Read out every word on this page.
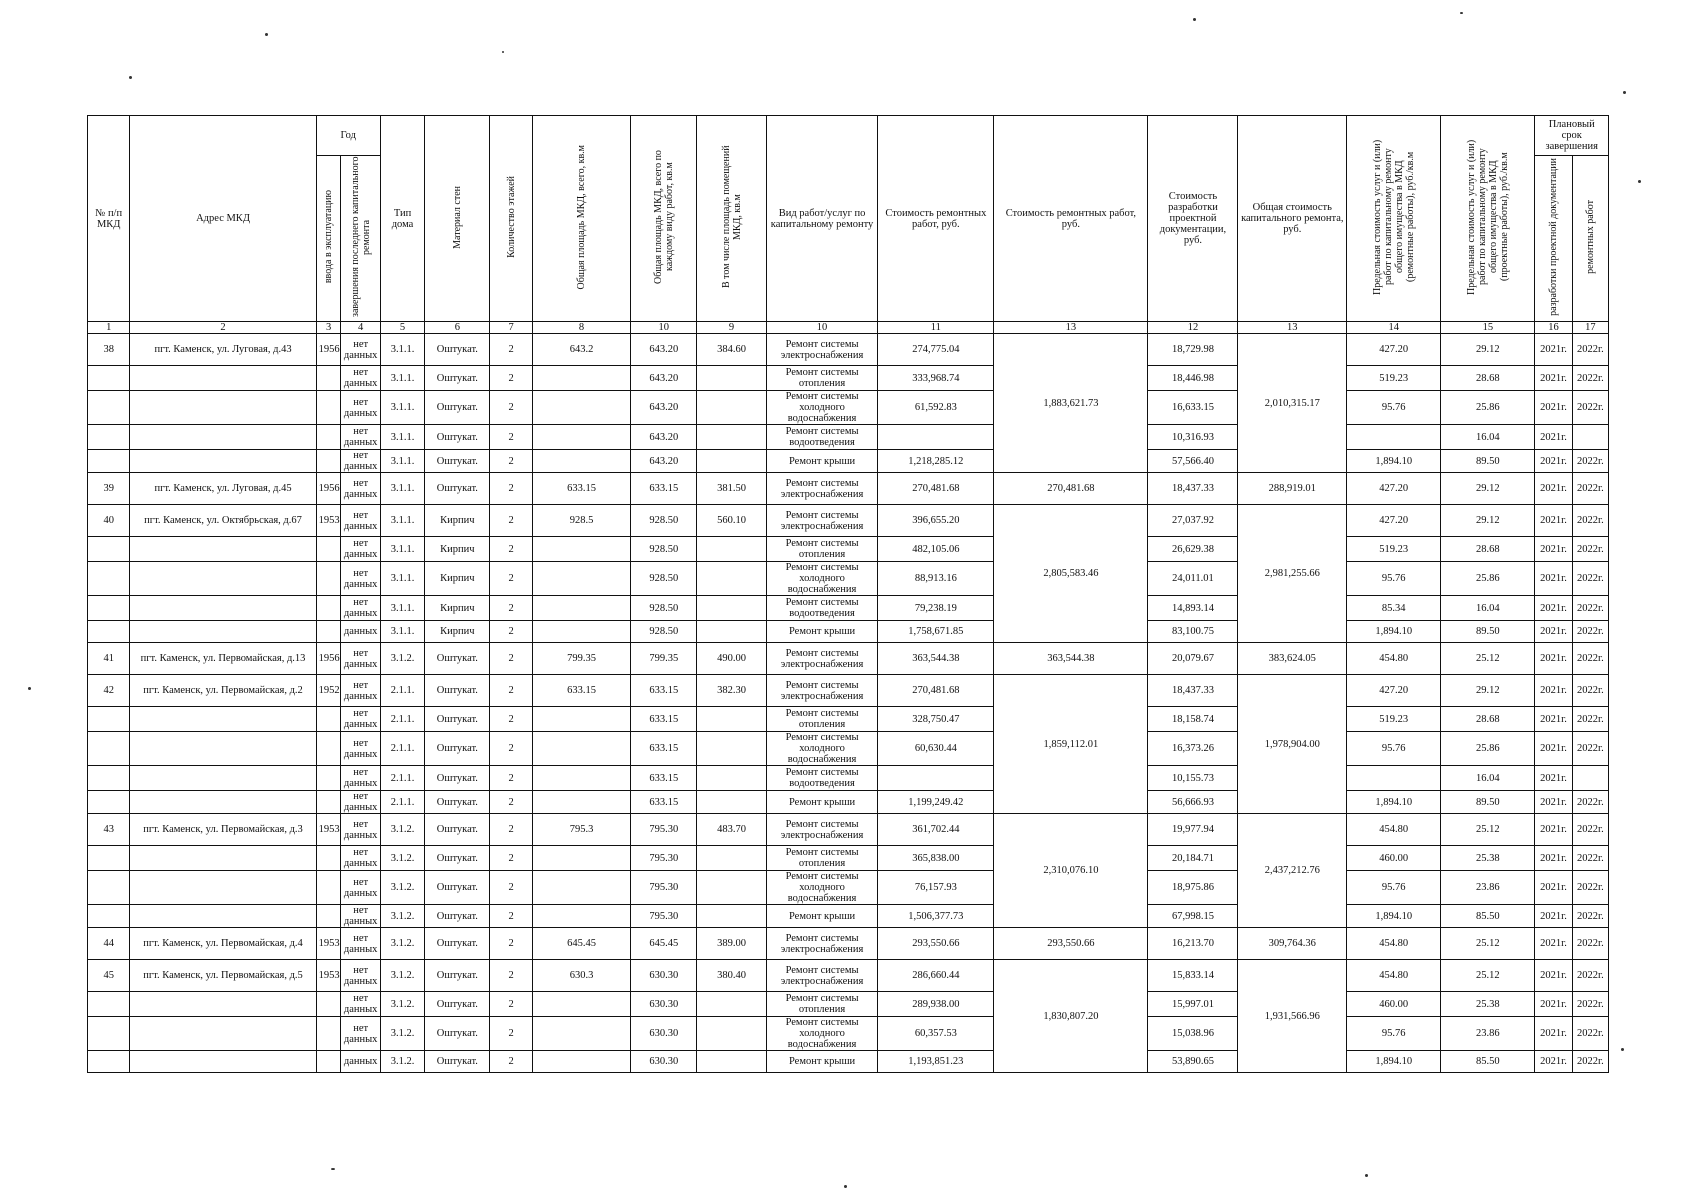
№ п/п МКД	Адрес МКД	Год		Тип дома	Материал стен	Количество этажей	Общая площадь МКД, всего, кв.м	Общая площадь МКД, всего по каждому виду работ, кв.м	В том числе площадь помещений МКД, кв.м	Вид работ/услуг по капитальному ремонту	Стоимость ремонтных работ, руб.	Стоимость ремонтных работ, руб.	Стоимость разработки проектной документации, руб.	Общая стоимость капитального ремонта, руб.	Предельная стоимость услуг и (или) работ по капитальному ремонту общего имущества в МКД (ремонтные работы), руб./кв.м	Предельная стоимость услуг и (или) работ по капитальному ремонту общего имущества в МКД (проектные работы), руб./кв.м	Плановый срок завершения	
		ввода в эксплуатацию	завершения последнего капитального ремонта														разработки проектной документации	ремонтных работ
1	2	3	4	5	6	7	8	10	9	10	11	13	12	13	14	15	16	17
38	пгт. Каменск, ул. Луговая, д.43	1956	нет данных	3.1.1.	Оштукат.	2	643.2	643.20	384.60	Ремонт системы электроснабжения	274,775.04	1,883,621.73	18,729.98	2,010,315.17	427.20	29.12	2021г.	2022г.
			нет данных	3.1.1.	Оштукат.	2		643.20		Ремонт системы отопления	333,968.74		18,446.98		519.23	28.68	2021г.	2022г.
			нет данных	3.1.1.	Оштукат.	2		643.20		Ремонт системы холодного водоснабжения	61,592.83		16,633.15		95.76	25.86	2021г.	2022г.
			нет данных	3.1.1.	Оштукат.	2		643.20		Ремонт системы водоотведения			10,316.93			16.04	2021г.	
			нет данных	3.1.1.	Оштукат.	2		643.20		Ремонт крыши	1,218,285.12		57,566.40		1,894.10	89.50	2021г.	2022г.
39	пгт. Каменск, ул. Луговая, д.45	1956	нет данных	3.1.1.	Оштукат.	2	633.15	633.15	381.50	Ремонт системы электроснабжения	270,481.68	270,481.68	18,437.33	288,919.01	427.20	29.12	2021г.	2022г.
40	пгт. Каменск, ул. Октябрьская, д.67	1953	нет данных	3.1.1.	Кирпич	2	928.5	928.50	560.10	Ремонт системы электроснабжения	396,655.20	2,805,583.46	27,037.92	2,981,255.66	427.20	29.12	2021г.	2022г.
			нет данных	3.1.1.	Кирпич	2		928.50		Ремонт системы отопления	482,105.06		26,629.38		519.23	28.68	2021г.	2022г.
			нет данных	3.1.1.	Кирпич	2		928.50		Ремонт системы холодного водоснабжения	88,913.16		24,011.01		95.76	25.86	2021г.	2022г.
			нет данных	3.1.1.	Кирпич	2		928.50		Ремонт системы водоотведения	79,238.19		14,893.14		85.34	16.04	2021г.	2022г.
			данных	3.1.1.	Кирпич	2		928.50		Ремонт крыши	1,758,671.85		83,100.75		1,894.10	89.50	2021г.	2022г.
41	пгт. Каменск, ул. Первомайская, д.13	1956	нет данных	3.1.2.	Оштукат.	2	799.35	799.35	490.00	Ремонт системы электроснабжения	363,544.38	363,544.38	20,079.67	383,624.05	454.80	25.12	2021г.	2022г.
42	пгт. Каменск, ул. Первомайская, д.2	1952	нет данных	2.1.1.	Оштукат.	2	633.15	633.15	382.30	Ремонт системы электроснабжения	270,481.68	1,859,112.01	18,437.33	1,978,904.00	427.20	29.12	2021г.	2022г.
			нет данных	2.1.1.	Оштукат.	2		633.15		Ремонт системы отопления	328,750.47		18,158.74		519.23	28.68	2021г.	2022г.
			нет данных	2.1.1.	Оштукат.	2		633.15		Ремонт системы холодного водоснабжения	60,630.44		16,373.26		95.76	25.86	2021г.	2022г.
			нет данных	2.1.1.	Оштукат.	2		633.15		Ремонт системы водоотведения			10,155.73			16.04	2021г.	
			нет данных	2.1.1.	Оштукат.	2		633.15		Ремонт крыши	1,199,249.42		56,666.93		1,894.10	89.50	2021г.	2022г.
43	пгт. Каменск, ул. Первомайская, д.3	1953	нет данных	3.1.2.	Оштукат.	2	795.3	795.30	483.70	Ремонт системы электроснабжения	361,702.44	2,310,076.10	19,977.94	2,437,212.76	454.80	25.12	2021г.	2022г.
			нет данных	3.1.2.	Оштукат.	2		795.30		Ремонт системы отопления	365,838.00		20,184.71		460.00	25.38	2021г.	2022г.
			нет данных	3.1.2.	Оштукат.	2		795.30		Ремонт системы холодного водоснабжения	76,157.93		18,975.86		95.76	23.86	2021г.	2022г.
			нет данных	3.1.2.	Оштукат.	2		795.30		Ремонт крыши	1,506,377.73		67,998.15		1,894.10	85.50	2021г.	2022г.
44	пгт. Каменск, ул. Первомайская, д.4	1953	нет данных	3.1.2.	Оштукат.	2	645.45	645.45	389.00	Ремонт системы электроснабжения	293,550.66	293,550.66	16,213.70	309,764.36	454.80	25.12	2021г.	2022г.
45	пгт. Каменск, ул. Первомайская, д.5	1953	нет данных	3.1.2.	Оштукат.	2	630.3	630.30	380.40	Ремонт системы электроснабжения	286,660.44	1,830,807.20	15,833.14	1,931,566.96	454.80	25.12	2021г.	2022г.
			нет данных	3.1.2.	Оштукат.	2		630.30		Ремонт системы отопления	289,938.00		15,997.01		460.00	25.38	2021г.	2022г.
			нет данных	3.1.2.	Оштукат.	2		630.30		Ремонт системы холодного водоснабжения	60,357.53		15,038.96		95.76	23.86	2021г.	2022г.
			данных	3.1.2.	Оштукат.	2		630.30		Ремонт крыши	1,193,851.23		53,890.65		1,894.10	85.50	2021г.	2022г.
